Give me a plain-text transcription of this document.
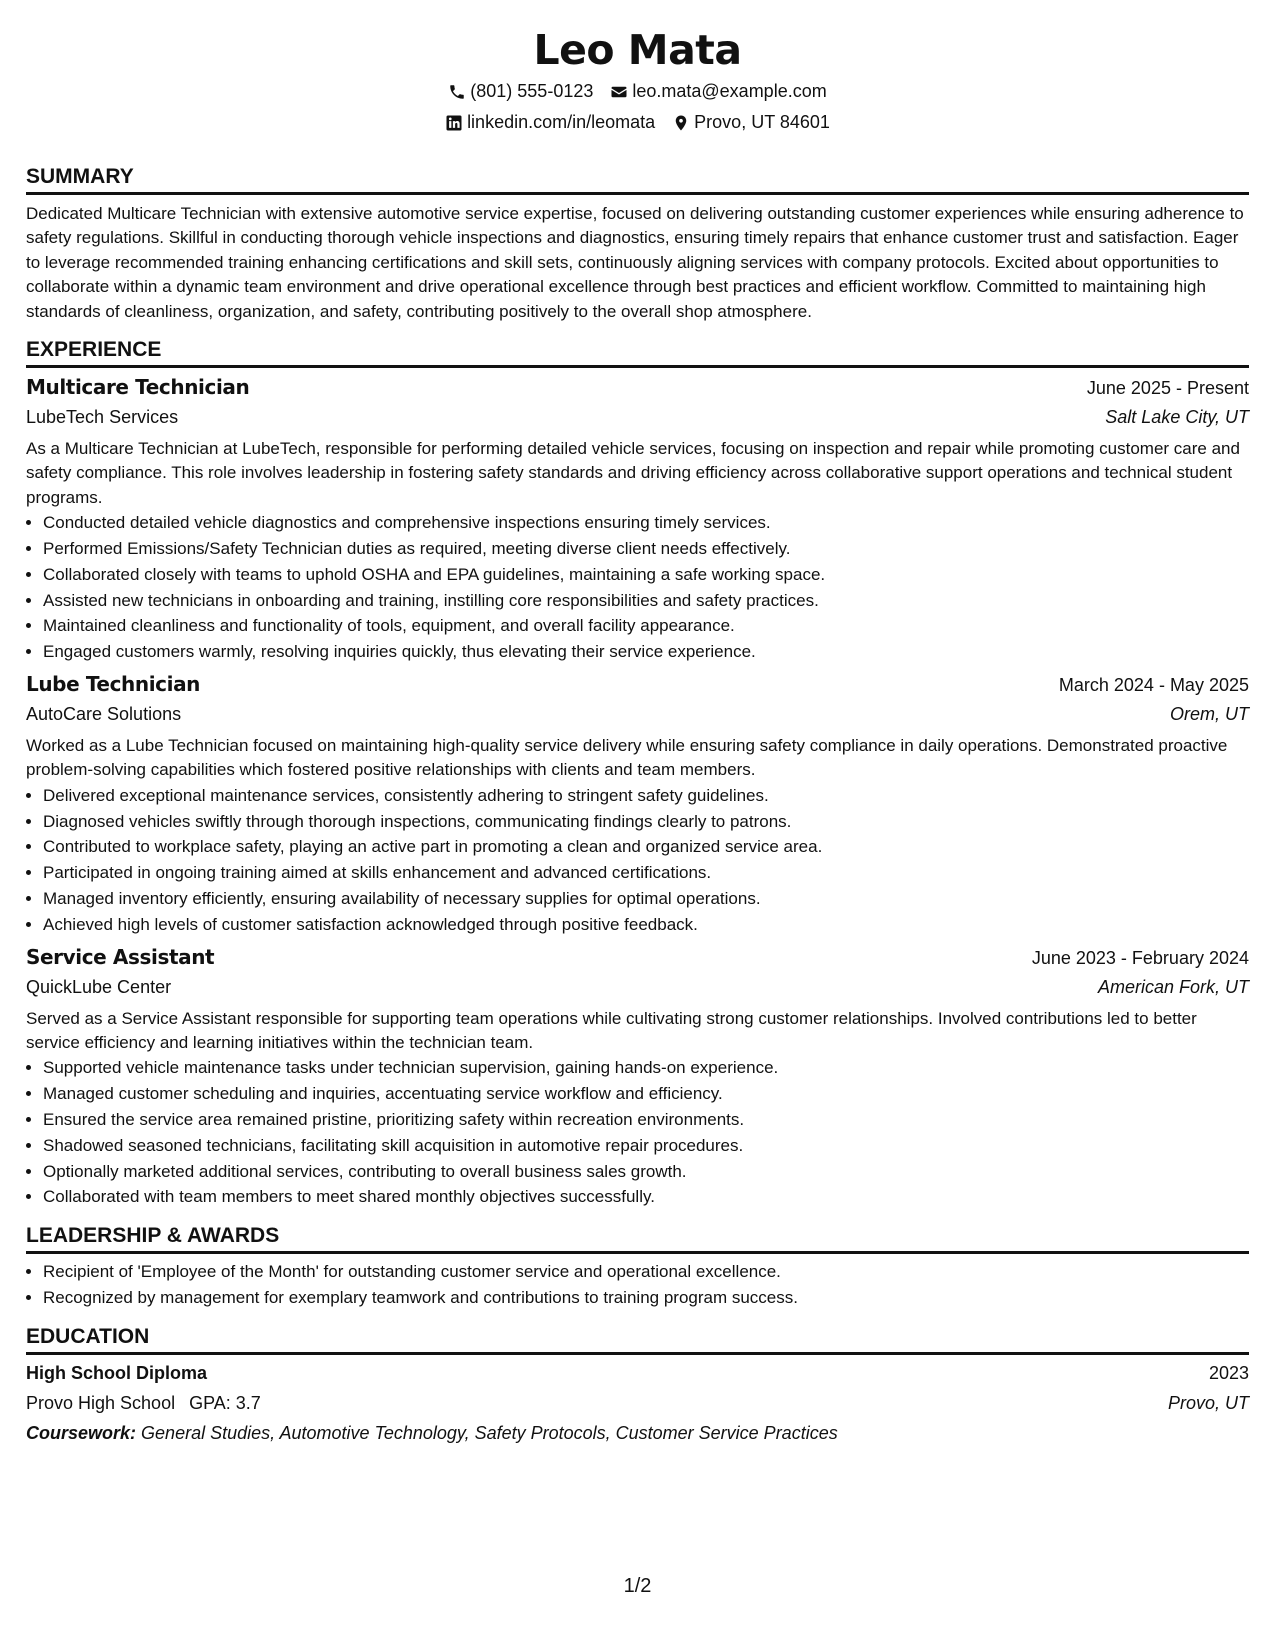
Leo Mata
(801) 555-0123 leo.mata@example.com
linkedin.com/in/leomata Provo, UT 84601
SUMMARY

Dedicated Multicare Technician with extensive automotive service expertise, focused on delivering outstanding customer experiences while ensuring adherence to safety regulations. Skillful in conducting thorough vehicle inspections and diagnostics, ensuring timely repairs that enhance customer trust and satisfaction. Eager to leverage recommended training enhancing certifications and skill sets, continuously aligning services with company protocols. Excited about opportunities to collaborate within a dynamic team environment and drive operational excellence through best practices and efficient workflow. Committed to maintaining high standards of cleanliness, organization, and safety, contributing positively to the overall shop atmosphere.

EXPERIENCE
Multicare Technician	June 2025 - Present
LubeTech Services	Salt Lake City, UT

As a Multicare Technician at LubeTech, responsible for performing detailed vehicle services, focusing on inspection and repair while promoting customer care and safety compliance. This role involves leadership in fostering safety standards and driving efficiency across collaborative support operations and technical student programs.

• Conducted detailed vehicle diagnostics and comprehensive inspections ensuring timely services.
• Performed Emissions/Safety Technician duties as required, meeting diverse client needs effectively.
• Collaborated closely with teams to uphold OSHA and EPA guidelines, maintaining a safe working space.
• Assisted new technicians in onboarding and training, instilling core responsibilities and safety practices.
• Maintained cleanliness and functionality of tools, equipment, and overall facility appearance.
• Engaged customers warmly, resolving inquiries quickly, thus elevating their service experience.
Lube Technician	March 2024 - May 2025
AutoCare Solutions	Orem, UT

Worked as a Lube Technician focused on maintaining high-quality service delivery while ensuring safety compliance in daily operations. Demonstrated proactive problem-solving capabilities which fostered positive relationships with clients and team members.

• Delivered exceptional maintenance services, consistently adhering to stringent safety guidelines.
• Diagnosed vehicles swiftly through thorough inspections, communicating findings clearly to patrons.
• Contributed to workplace safety, playing an active part in promoting a clean and organized service area.
• Participated in ongoing training aimed at skills enhancement and advanced certifications.
• Managed inventory efficiently, ensuring availability of necessary supplies for optimal operations.
• Achieved high levels of customer satisfaction acknowledged through positive feedback.
Service Assistant	June 2023 - February 2024
QuickLube Center	American Fork, UT

Served as a Service Assistant responsible for supporting team operations while cultivating strong customer relationships. Involved contributions led to better service efficiency and learning initiatives within the technician team.

• Supported vehicle maintenance tasks under technician supervision, gaining hands-on experience.
• Managed customer scheduling and inquiries, accentuating service workflow and efficiency.
• Ensured the service area remained pristine, prioritizing safety within recreation environments.
• Shadowed seasoned technicians, facilitating skill acquisition in automotive repair procedures.
• Optionally marketed additional services, contributing to overall business sales growth.
• Collaborated with team members to meet shared monthly objectives successfully.
LEADERSHIP & AWARDS
• Recipient of 'Employee of the Month' for outstanding customer service and operational excellence.
• Recognized by management for exemplary teamwork and contributions to training program success.
EDUCATION
High School Diploma	2023
Provo High School GPA: 3.7	Provo, UT
Coursework: General Studies, Automotive Technology, Safety Protocols, Customer Service Practices
1/2
